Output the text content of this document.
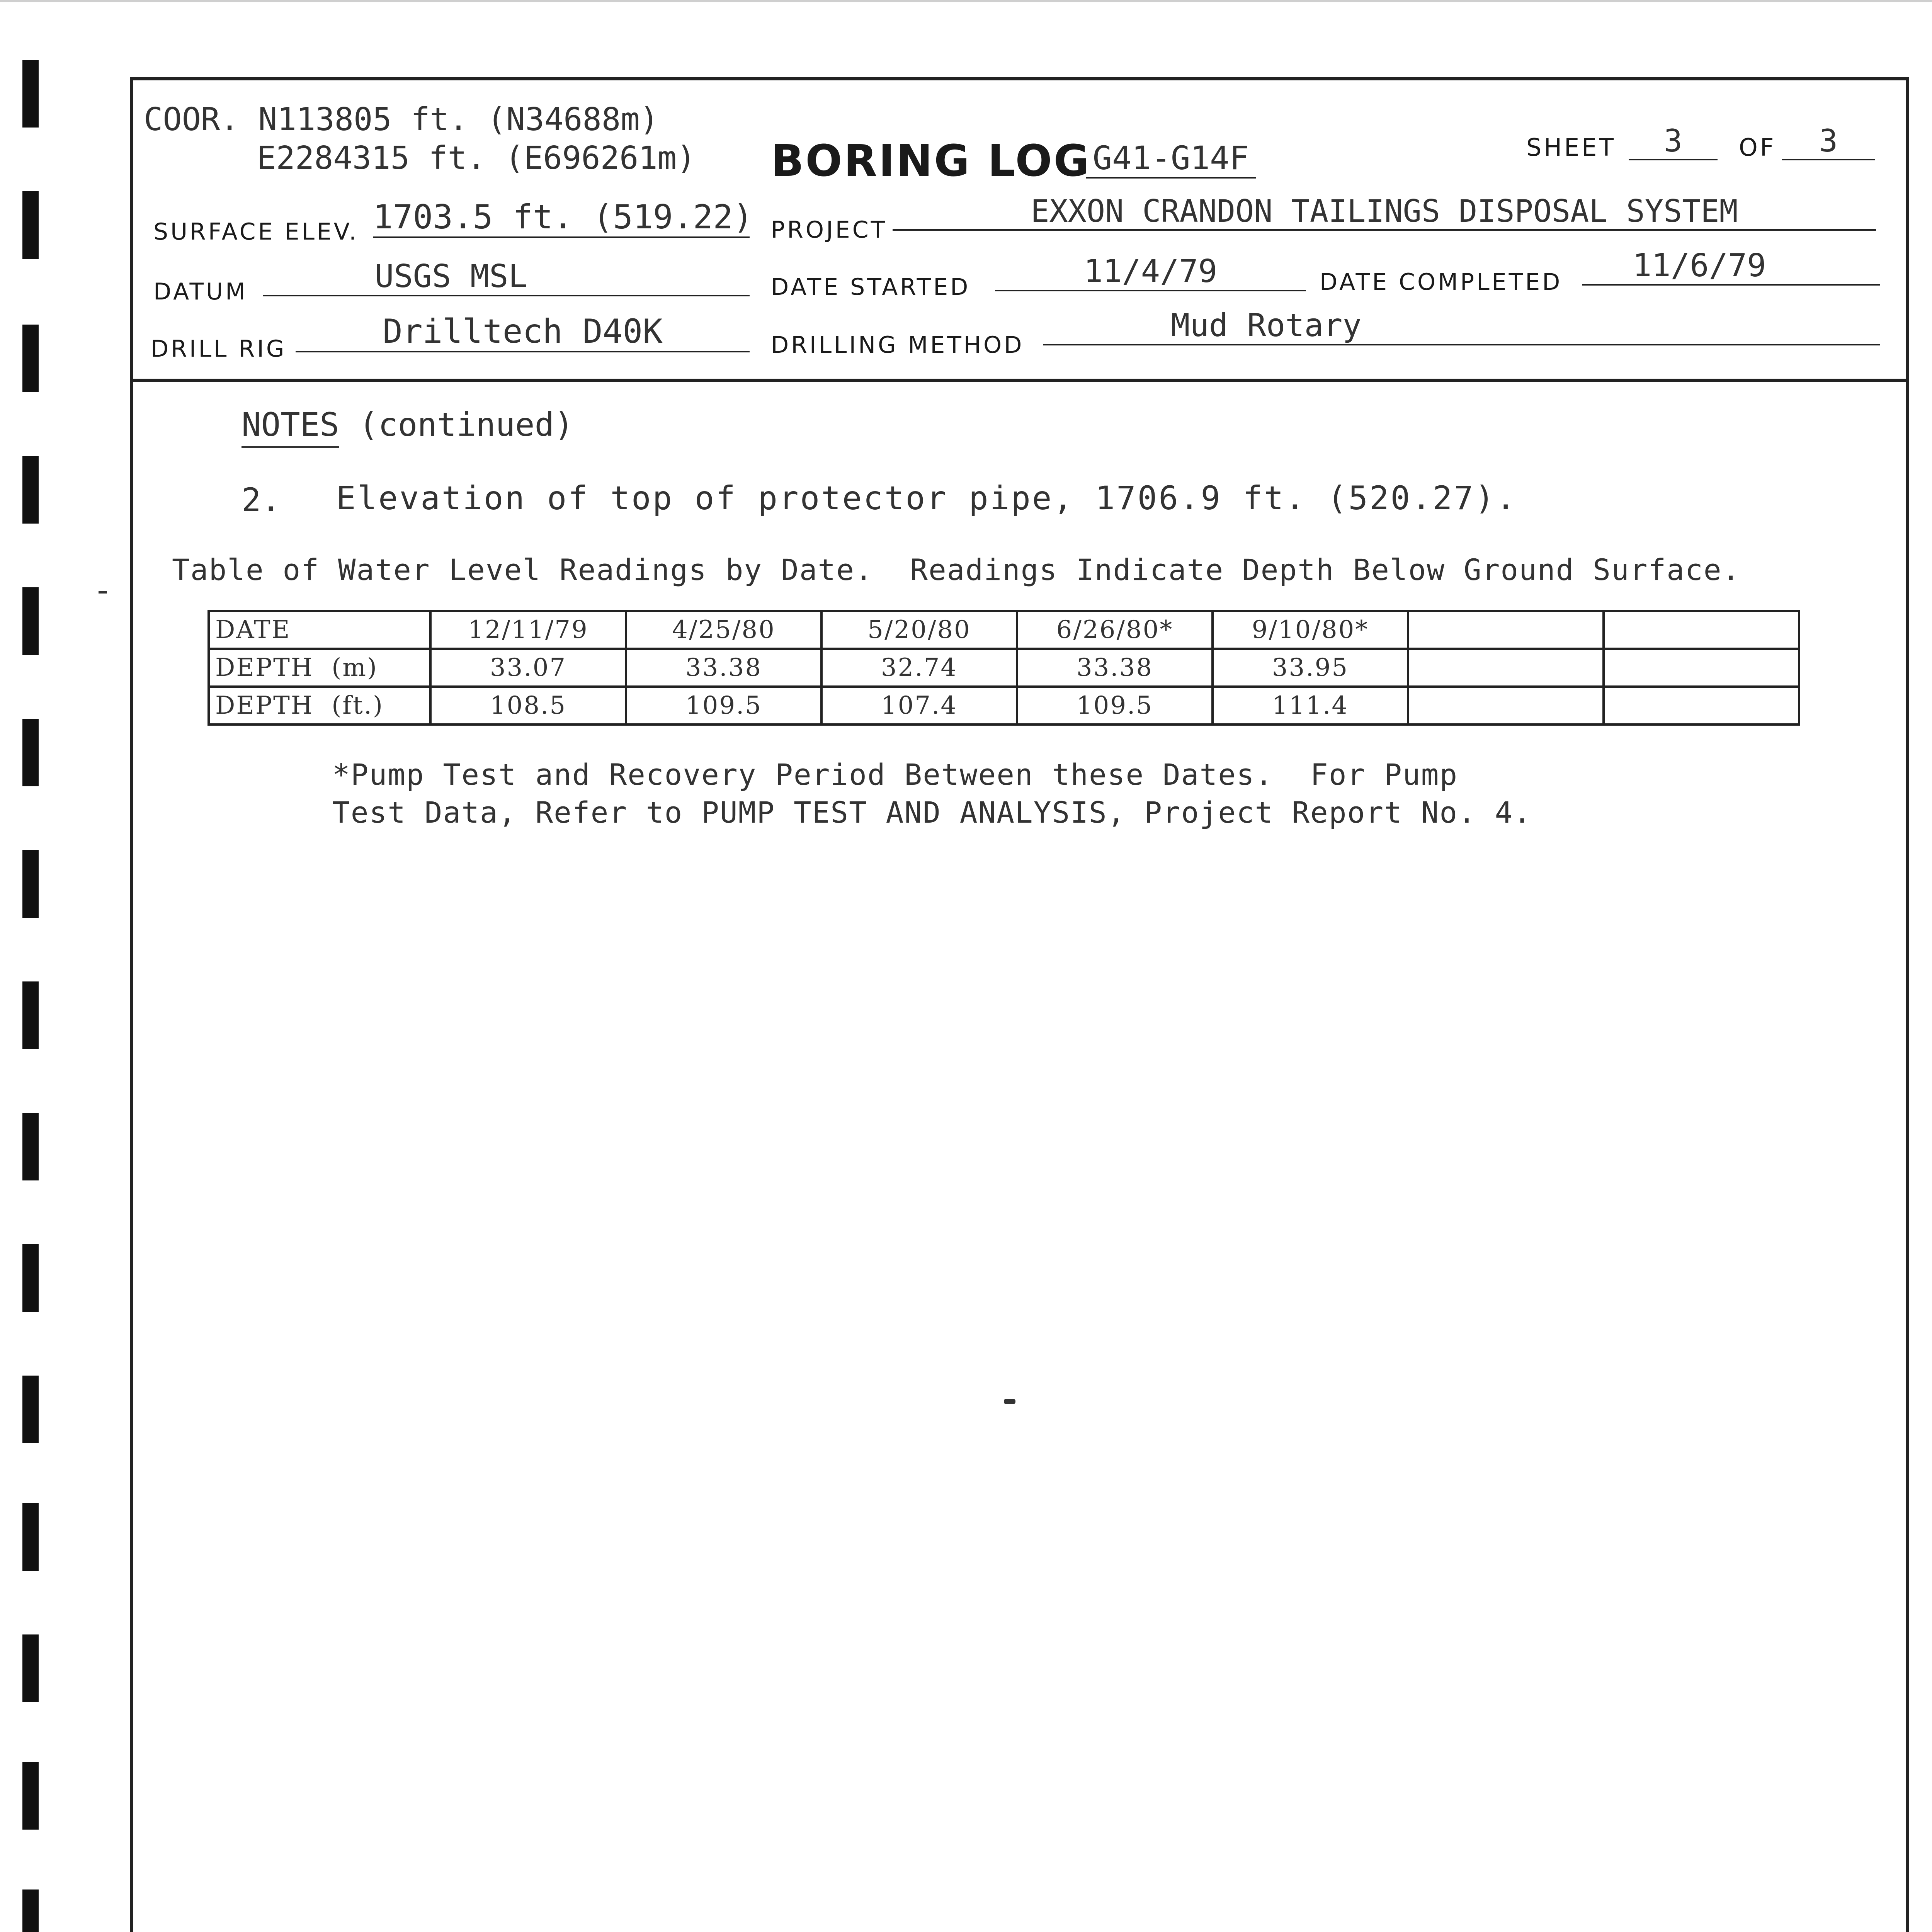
COOR. N113805 ft. (N34688m)
E2284315 ft. (E696261m) BORING LOG G41-G14F	SHEET	3	OF	3
SURFACE ELEV. 1703.5 ft. (519.22) PROJECT
EXXON CRANDON TAILINGS DISPOSAL SYSTEM
DATUM	USGS MSL	DATE STARTED	11/4/79	DATE COMPLETED	11/6/79
DRILL RIG	Drilltech D40K	DRILLING METHOD
Mud Rotary
NOTES (continued)
2. Elevation of top of protector pipe, 1706.9 ft. (520.27).
Table of Water Level Readings by Date.  Readings Indicate Depth Below Ground Surface.
DATE	12/11/79	4/25/80	5/20/80	6/26/80*	9/10/80*		
DEPTH  (m)	33.07	33.38	32.74	33.38	33.95		
DEPTH  (ft.)	108.5	109.5	107.4	109.5	111.4		
*Pump Test and Recovery Period Between these Dates.  For Pump
Test Data, Refer to PUMP TEST AND ANALYSIS, Project Report No. 4.
